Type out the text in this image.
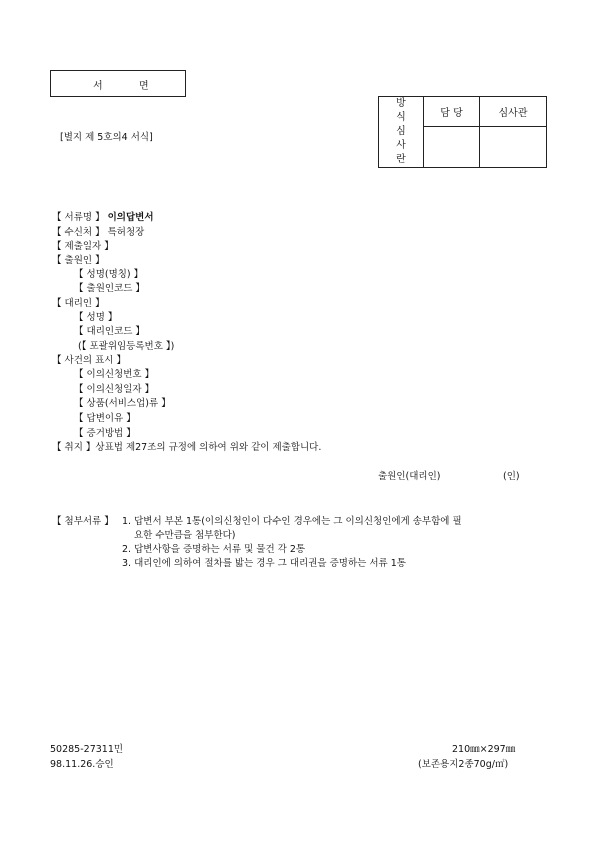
서	면
[별지 제 5호의4 서식]
방
식
심
사
란	담 당	심사관

【 서류명 】 이의답변서
【 수신처 】 특허청장
【 제출일자 】
【 출원인 】
【 성명(명칭) 】
【 출원인코드 】
【 대리인 】
【 성명 】
【 대리인코드 】
(【 포괄위임등록번호 】)
【 사건의 표시 】
【 이의신청번호 】
【 이의신청일자 】
【 상품(서비스업)류 】
【 답변이유 】
【 증거방법 】
【 취지 】상표법 제27조의 규정에 의하여 위와 같이 제출합니다.
출원인(대리인)	(인)
【 첨부서류 】 1. 답변서 부본 1통(이의신청인이 다수인 경우에는 그 이의신청인에게 송부함에 필
요한 수만큼을 첨부한다)
2. 답변사항을 증명하는 서류 및 물건 각 2통
3. 대리인에 의하여 절차를 밟는 경우 그 대리권을 증명하는 서류 1통
50285-27311민
98.11.26.승인
210㎜×297㎜
(보존용지2종70g/㎡)
